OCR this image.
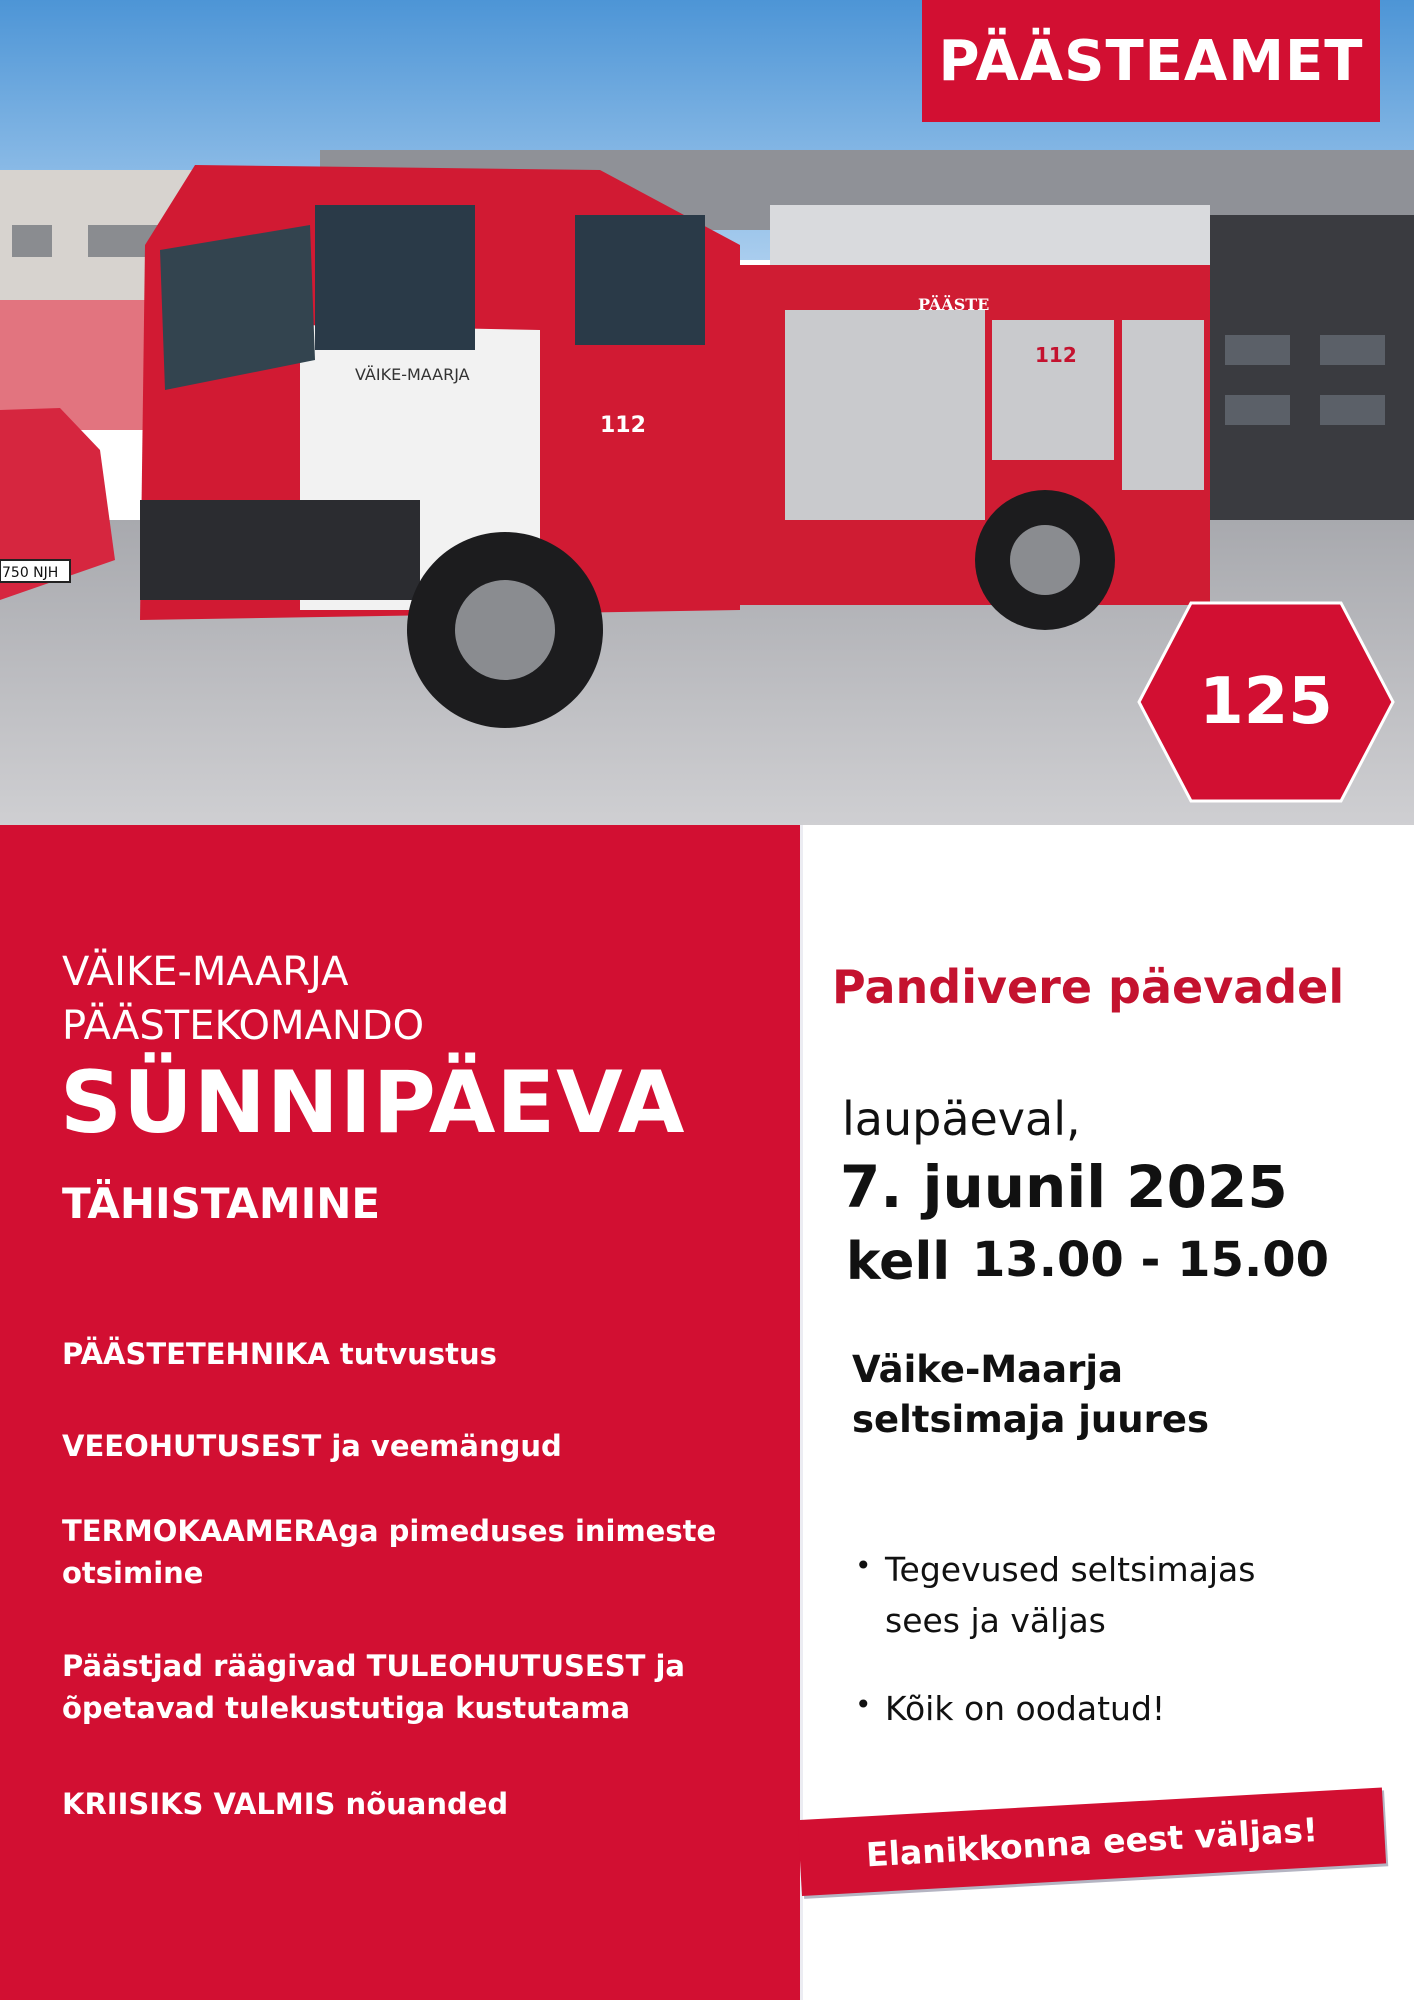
VÄIKE-MAARJA
112
112
PÄÄSTE
750 NJH
PÄÄSTEAMET
125
VÄIKE-MAARJA
PÄÄSTEKOMANDO
SÜNNIPÄEVA
TÄHISTAMINE
PÄÄSTETEHNIKA tutvustus
VEEOHUTUSEST ja veemängud
TERMOKAAMERAga pimeduses inimeste otsimine
Päästjad räägivad TULEOHUTUSEST ja õpetavad tulekustutiga kustutama
KRIISIKS VALMIS nõuanded
Pandivere päevadel
laupäeval,
7. juunil 2025
kell 13.00 - 15.00
Väike-Maarja
seltsimaja juures
• Tegevused seltsimajas sees ja väljas
• Kõik on oodatud!
Elanikkonna eest väljas!
